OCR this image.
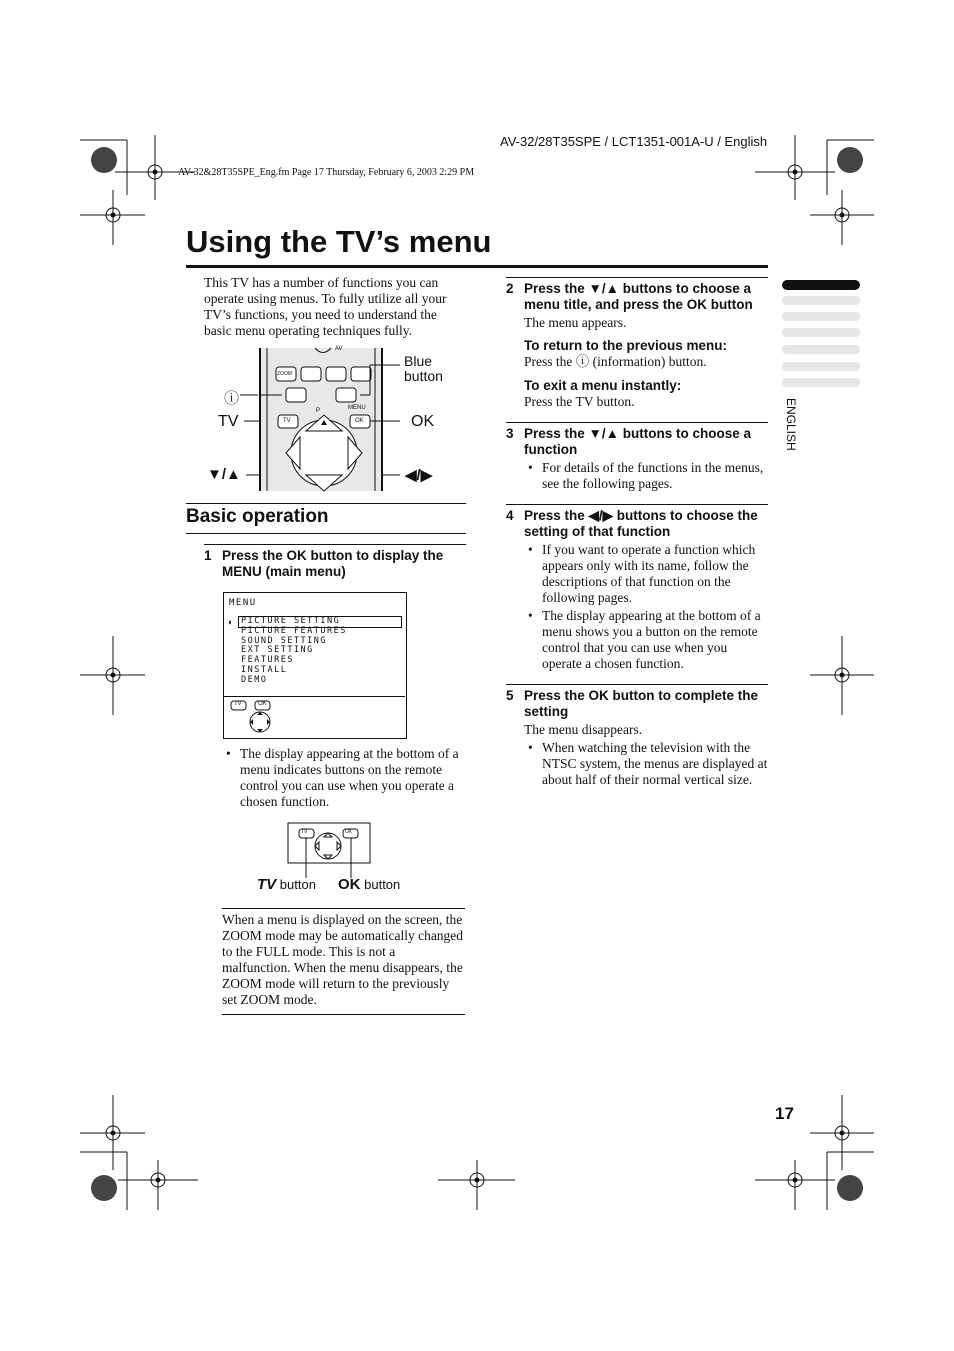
AV-32/28T35SPE / LCT1351-001A-U / English
AV-32&28T35SPE_Eng.fm Page 17 Thursday, February 6, 2003 2:29 PM
Using the TV’s menu
ENGLISH
This TV has a number of functions you can operate using menus. To fully utilize all your TV’s functions, you need to understand the basic menu operating techniques fully.
AV
ZOOM
P	MENU
TV	OK
Blue
button
ⓘ
TV	OK
▼/▲	◀/▶
Basic operation
1 Press the OK button to display the MENU (main menu)
MENU
◐ PICTURE SETTING
PICTURE FEATURES
SOUND SETTING
EXT SETTING
FEATURES
INSTALL
DEMO
TV	OK
• The display appearing at the bottom of a menu indicates buttons on the remote control you can use when you operate a chosen function.
TV	OK
TV button OK button
When a menu is displayed on the screen, the ZOOM mode may be automatically changed to the FULL mode. This is not a malfunction. When the menu disappears, the ZOOM mode will return to the previously set ZOOM mode.
2 Press the ▼/▲ buttons to choose a menu title, and press the OK button
The menu appears.
To return to the previous menu:
Press the ⓘ (information) button.
To exit a menu instantly:
Press the TV button.
3 Press the ▼/▲ buttons to choose a function
• For details of the functions in the menus, see the following pages.
4 Press the ◀/▶ buttons to choose the setting of that function
• If you want to operate a function which appears only with its name, follow the descriptions of that function on the following pages.
• The display appearing at the bottom of a menu shows you a button on the remote control that you can use when you operate a chosen function.
5 Press the OK button to complete the setting
The menu disappears.
• When watching the television with the NTSC system, the menus are displayed at about half of their normal vertical size.
17
